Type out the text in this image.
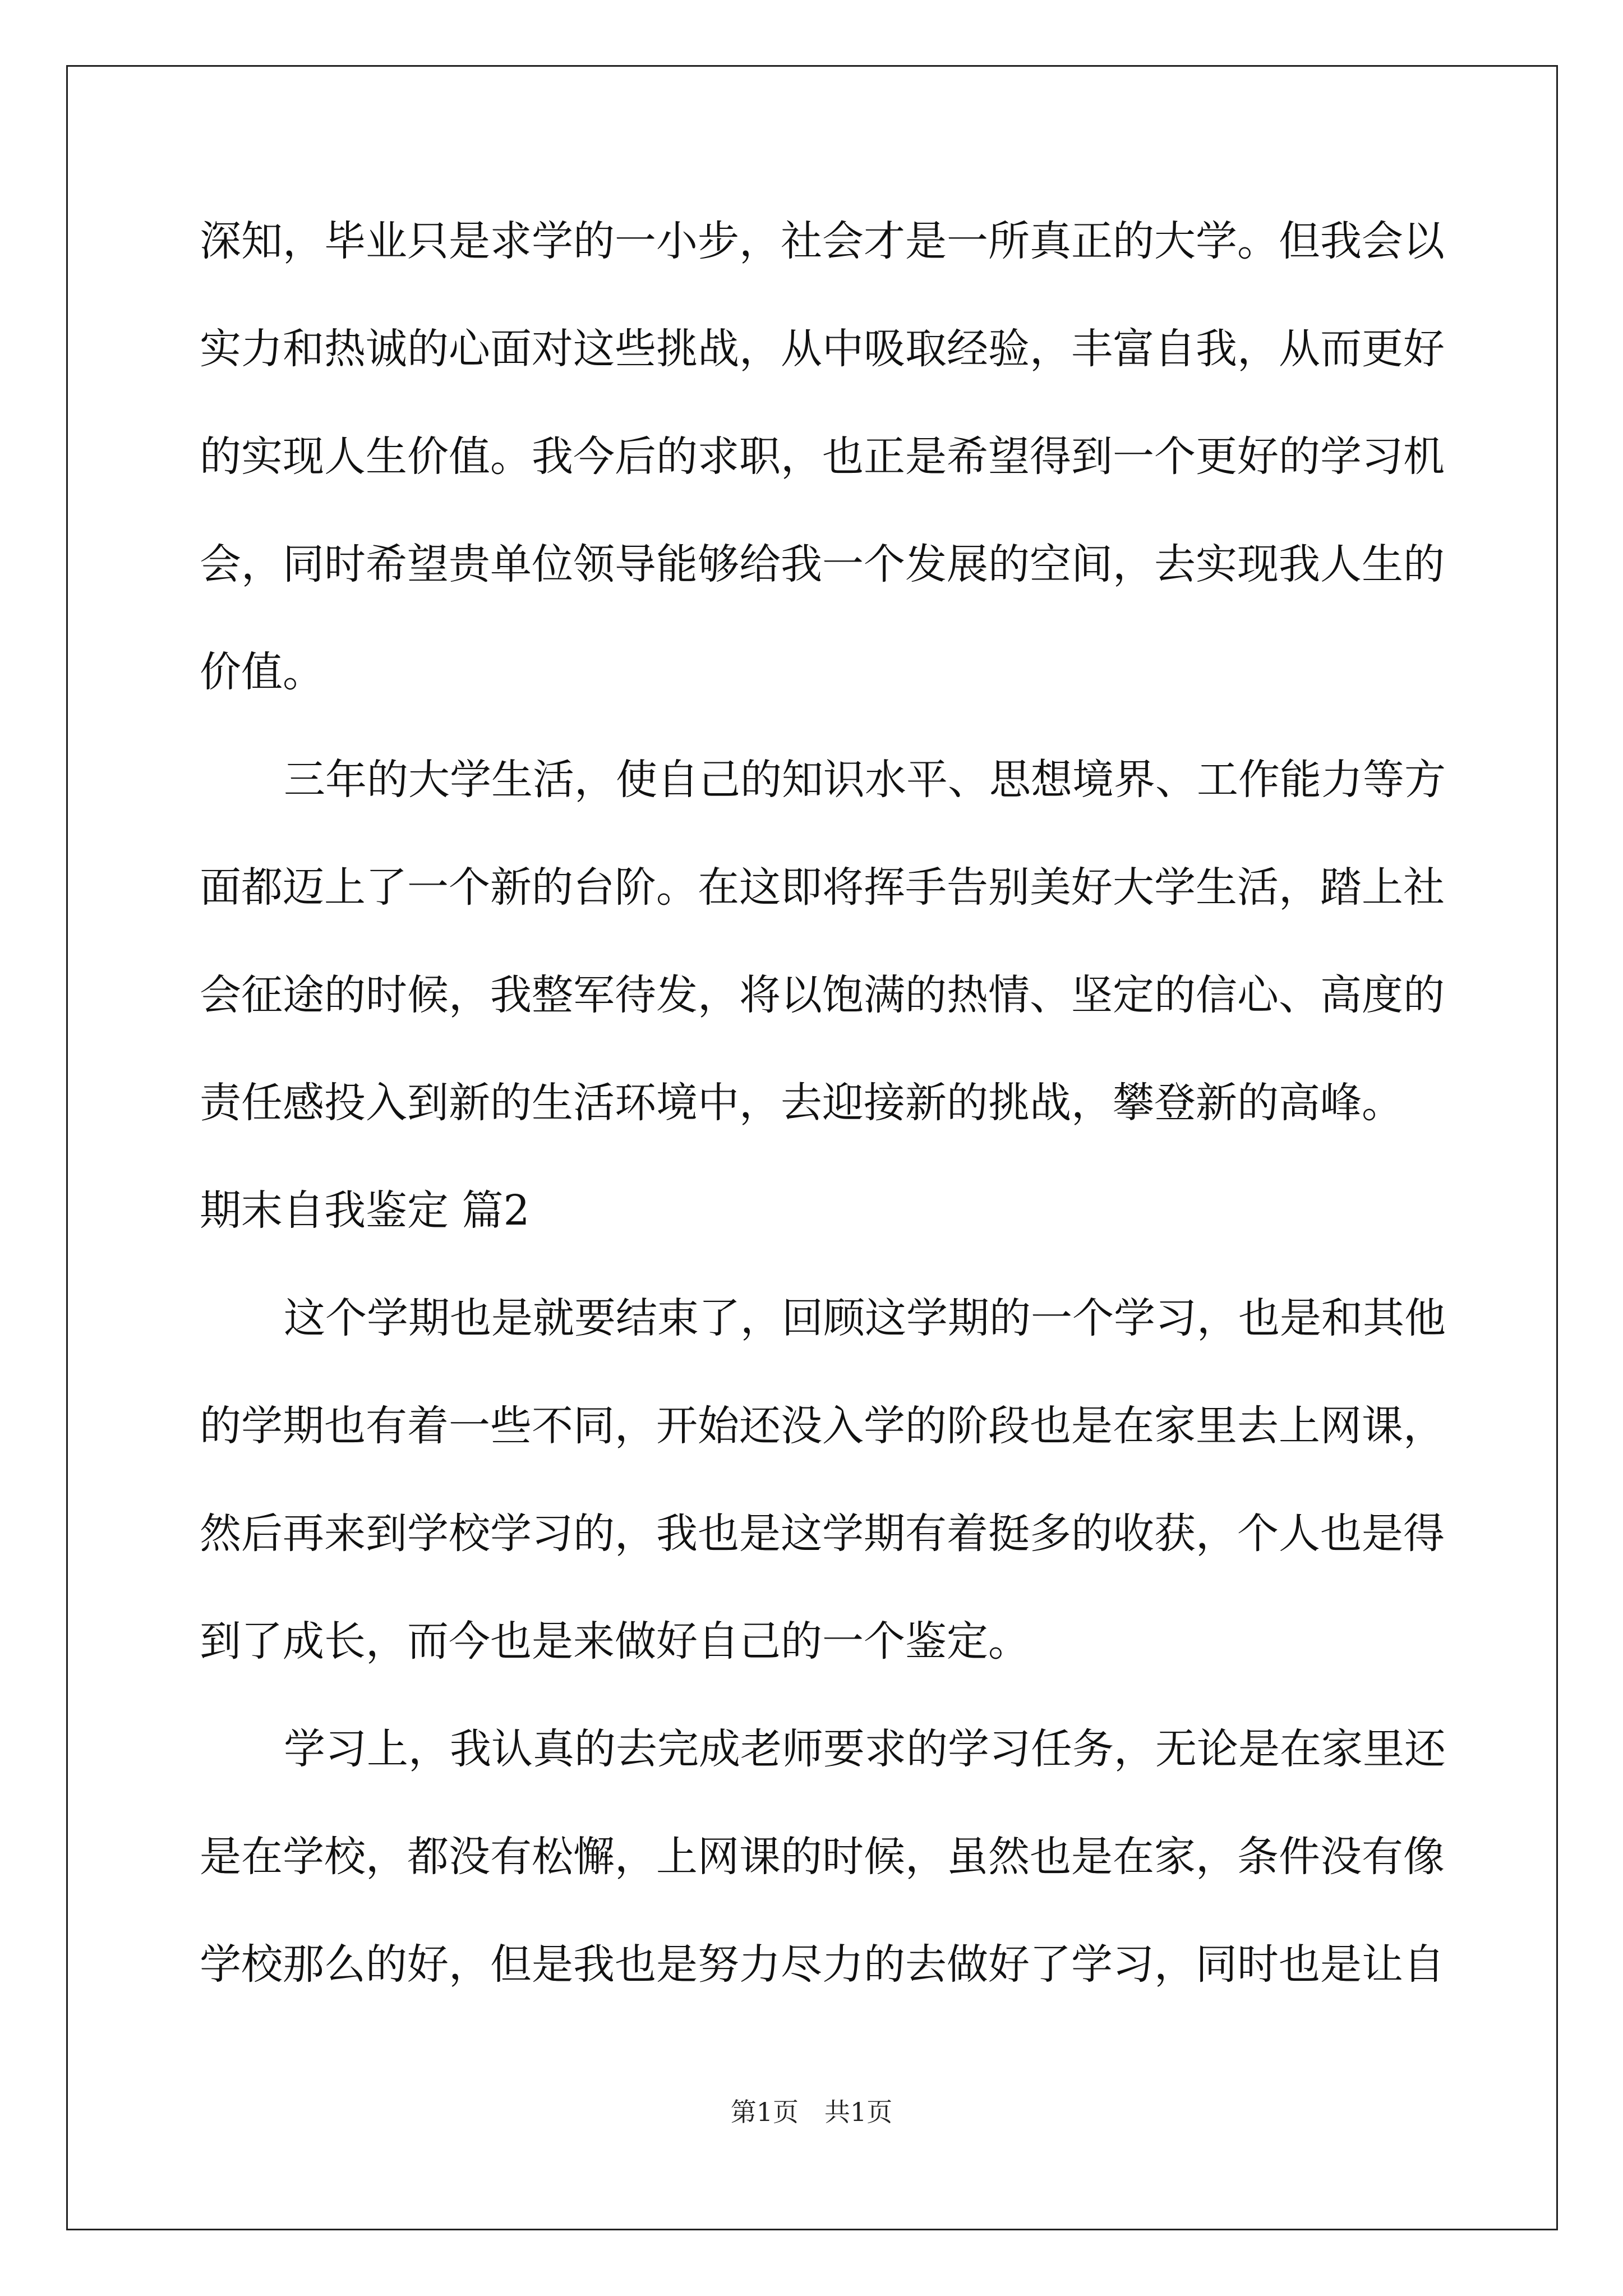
深知，毕业只是求学的一小步，社会才是一所真正的大学。但我会以
实力和热诚的心面对这些挑战，从中吸取经验，丰富自我，从而更好
的实现人生价值。我今后的求职，也正是希望得到一个更好的学习机
会，同时希望贵单位领导能够给我一个发展的空间，去实现我人生的
价值。
三年的大学生活，使自己的知识水平、思想境界、工作能力等方
面都迈上了一个新的台阶。在这即将挥手告别美好大学生活，踏上社
会征途的时候，我整军待发，将以饱满的热情、坚定的信心、高度的
责任感投入到新的生活环境中，去迎接新的挑战，攀登新的高峰。
期末自我鉴定 篇2
这个学期也是就要结束了，回顾这学期的一个学习，也是和其他
的学期也有着一些不同，开始还没入学的阶段也是在家里去上网课，
然后再来到学校学习的，我也是这学期有着挺多的收获，个人也是得
到了成长，而今也是来做好自己的一个鉴定。
学习上，我认真的去完成老师要求的学习任务，无论是在家里还
是在学校，都没有松懈，上网课的时候，虽然也是在家，条件没有像
学校那么的好，但是我也是努力尽力的去做好了学习，同时也是让自
第1页　共1页
